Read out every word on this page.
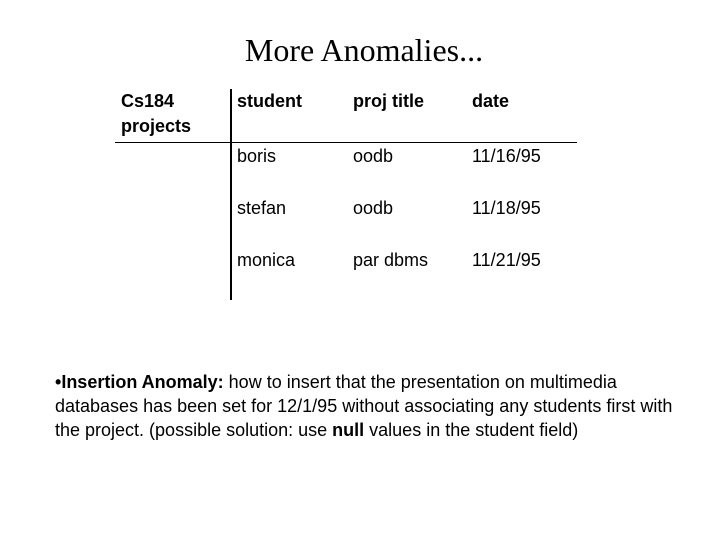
More Anomalies...
Cs184
projects
student	proj title	date
boris	oodb	11/16/95
stefan	oodb	11/18/95
monica	par dbms 11/21/95
•Insertion Anomaly: how to insert that the presentation on multimedia databases has been set for 12/1/95 without associating any students first with the project. (possible solution: use null values in the student field)
